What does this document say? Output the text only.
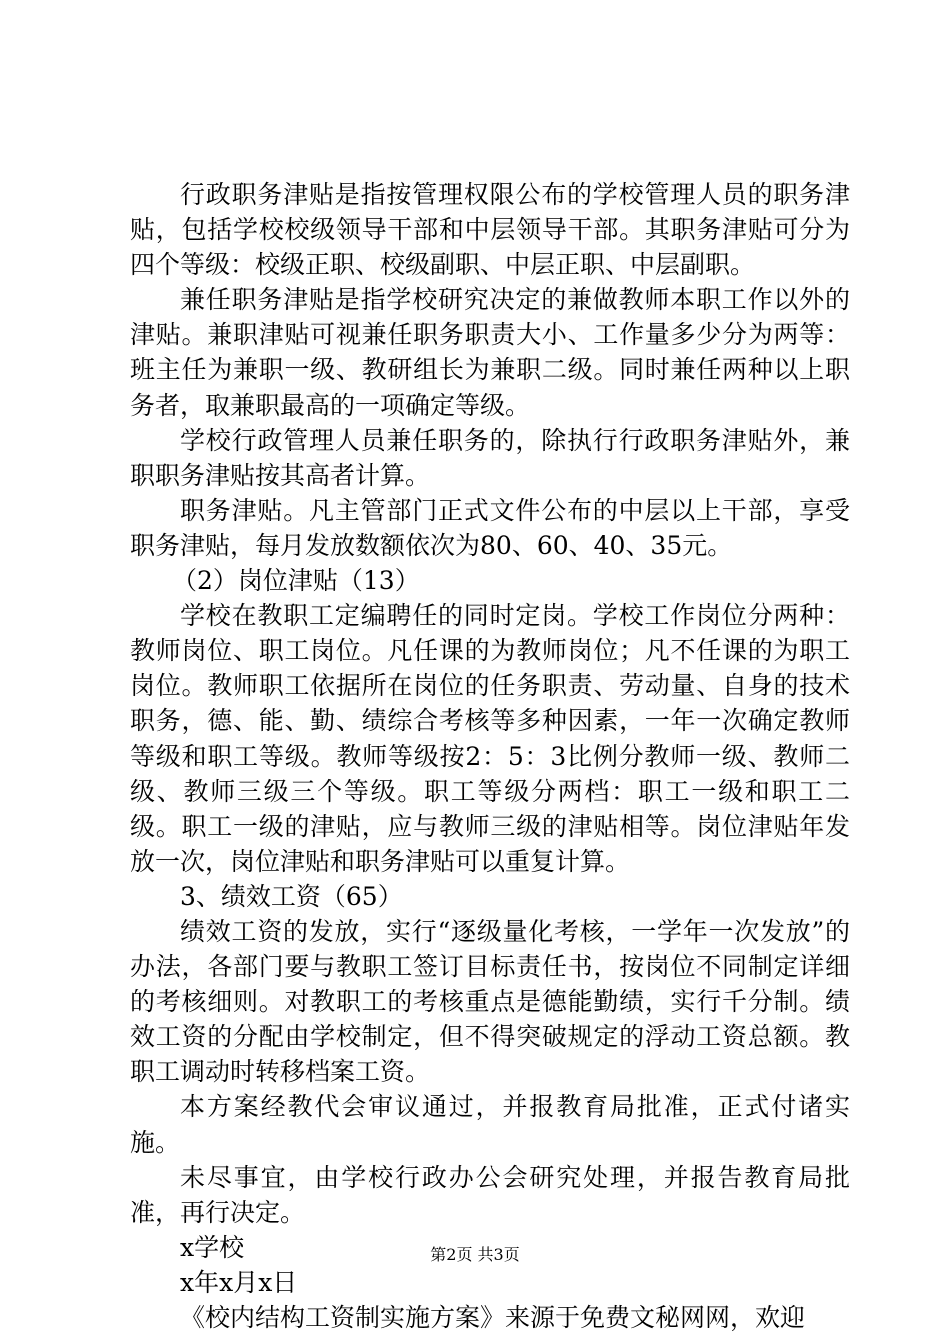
行政职务津贴是指按管理权限公布的学校管理人员的职务津贴，包括学校校级领导干部和中层领导干部。其职务津贴可分为四个等级：校级正职、校级副职、中层正职、中层副职。

兼任职务津贴是指学校研究决定的兼做教师本职工作以外的津贴。兼职津贴可视兼任职务职责大小、工作量多少分为两等：班主任为兼职一级、教研组长为兼职二级。同时兼任两种以上职务者，取兼职最高的一项确定等级。

学校行政管理人员兼任职务的，除执行行政职务津贴外，兼职职务津贴按其高者计算。

职务津贴。凡主管部门正式文件公布的中层以上干部，享受职务津贴，每月发放数额依次为80、60、40、35元。

（2）岗位津贴（13）

学校在教职工定编聘任的同时定岗。学校工作岗位分两种：教师岗位、职工岗位。凡任课的为教师岗位；凡不任课的为职工岗位。教师职工依据所在岗位的任务职责、劳动量、自身的技术职务，德、能、勤、绩综合考核等多种因素，一年一次确定教师等级和职工等级。教师等级按2：5：3比例分教师一级、教师二级、教师三级三个等级。职工等级分两档：职工一级和职工二级。职工一级的津贴，应与教师三级的津贴相等。岗位津贴年发放一次，岗位津贴和职务津贴可以重复计算。

3、绩效工资（65）

绩效工资的发放，实行“逐级量化考核，一学年一次发放”的办法，各部门要与教职工签订目标责任书，按岗位不同制定详细的考核细则。对教职工的考核重点是德能勤绩，实行千分制。绩效工资的分配由学校制定，但不得突破规定的浮动工资总额。教职工调动时转移档案工资。

本方案经教代会审议通过，并报教育局批准，正式付诸实施。

未尽事宜，由学校行政办公会研究处理，并报告教育局批准，再行决定。

x学校

x年x月x日

《校内结构工资制实施方案》来源于免费文秘网网，欢迎

第2页 共3页
